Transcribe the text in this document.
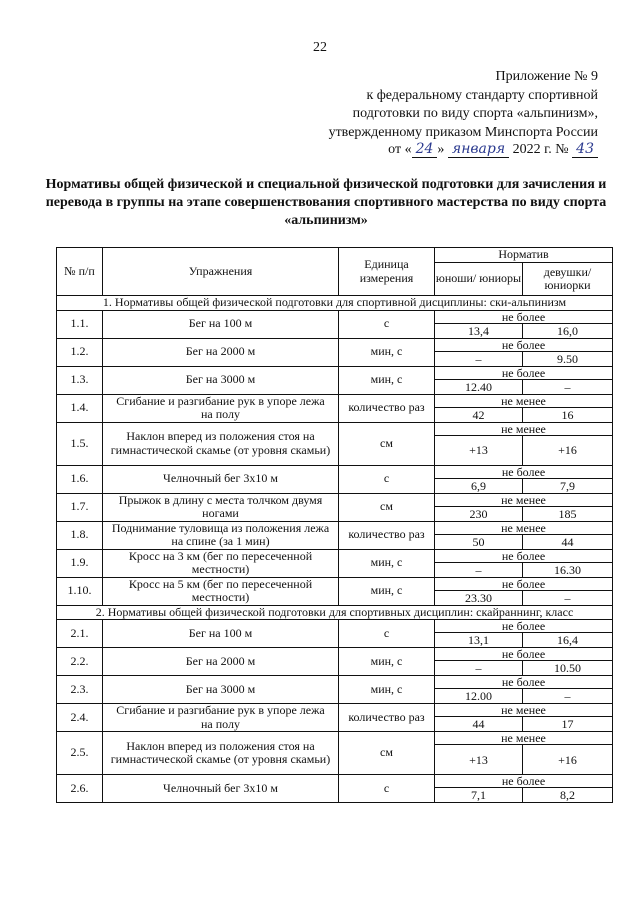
22
Приложение № 9
к федеральному стандарту спортивной
подготовки по виду спорта «альпинизм»,
утвержденному приказом Минспорта России
от « 24 » января 2022 г. № 43
Нормативы общей физической и специальной физической подготовки для зачисления и перевода в группы на этапе совершенствования спортивного мастерства по виду спорта «альпинизм»
№ п/п	Упражнения	Единица измерения	Норматив	
			юноши/ юниоры	девушки/ юниорки
1. Нормативы общей физической подготовки для спортивной дисциплины: ски-альпинизм				
1.1.	Бег на 100 м	с	не более	
			13,4	16,0
1.2.	Бег на 2000 м	мин, с	не более	
			–	9.50
1.3.	Бег на 3000 м	мин, с	не более	
			12.40	–
1.4.	Сгибание и разгибание рук в упоре лежа на полу	количество раз	не менее	
			42	16
1.5.	Наклон вперед из положения стоя на гимнастической скамье (от уровня скамьи)	см	не менее	
			+13	+16
1.6.	Челночный бег 3х10 м	с	не более	
			6,9	7,9
1.7.	Прыжок в длину с места толчком двумя ногами	см	не менее	
			230	185
1.8.	Поднимание туловища из положения лежа на спине (за 1 мин)	количество раз	не менее	
			50	44
1.9.	Кросс на 3 км (бег по пересеченной местности)	мин, с	не более	
			–	16.30
1.10.	Кросс на 5 км (бег по пересеченной местности)	мин, с	не более	
			23.30	–
2. Нормативы общей физической подготовки для спортивных дисциплин: скайраннинг, класс				
2.1.	Бег на 100 м	с	не более	
			13,1	16,4
2.2.	Бег на 2000 м	мин, с	не более	
			–	10.50
2.3.	Бег на 3000 м	мин, с	не более	
			12.00	–
2.4.	Сгибание и разгибание рук в упоре лежа на полу	количество раз	не менее	
			44	17
2.5.	Наклон вперед из положения стоя на гимнастической скамье (от уровня скамьи)	см	не менее	
			+13	+16
2.6.	Челночный бег 3х10 м	с	не более	
			7,1	8,2
